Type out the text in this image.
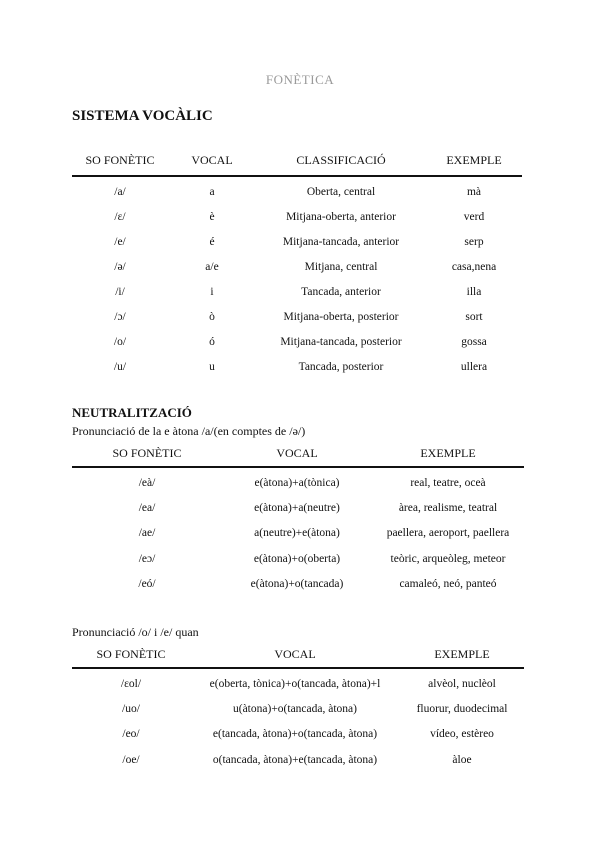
FONÈTICA
SISTEMA VOCÀLIC
SO FONÈTIC	VOCAL	CLASSIFICACIÓ	EXEMPLE
/a/	a	Oberta, central	mà
/ɛ/	è	Mitjana-oberta, anterior	verd
/e/	é	Mitjana-tancada, anterior	serp
/ə/	a/e	Mitjana, central	casa,nena
/i/	i	Tancada, anterior	illa
/ɔ/	ò	Mitjana-oberta, posterior	sort
/o/	ó	Mitjana-tancada, posterior	gossa
/u/	u	Tancada, posterior	ullera
NEUTRALITZACIÓ
Pronunciació de la e àtona /a/(en comptes de /ə/)
SO FONÈTIC	VOCAL	EXEMPLE
/eà/	e(àtona)+a(tònica)	real, teatre, oceà
/ea/	e(àtona)+a(neutre)	àrea, realisme, teatral
/ae/	a(neutre)+e(àtona)	paellera, aeroport, paellera
/eɔ/	e(àtona)+o(oberta)	teòric, arqueòleg, meteor
/eó/	e(àtona)+o(tancada)	camaleó, neó, panteó
Pronunciació /o/ i /e/ quan
SO FONÈTIC	VOCAL	EXEMPLE
/ɛol/	e(oberta, tònica)+o(tancada, àtona)+l	alvèol, nuclèol
/uo/	u(àtona)+o(tancada, àtona)	fluorur, duodecimal
/eo/	e(tancada, àtona)+o(tancada, àtona)	vídeo, estèreo
/oe/	o(tancada, àtona)+e(tancada, àtona)	àloe
